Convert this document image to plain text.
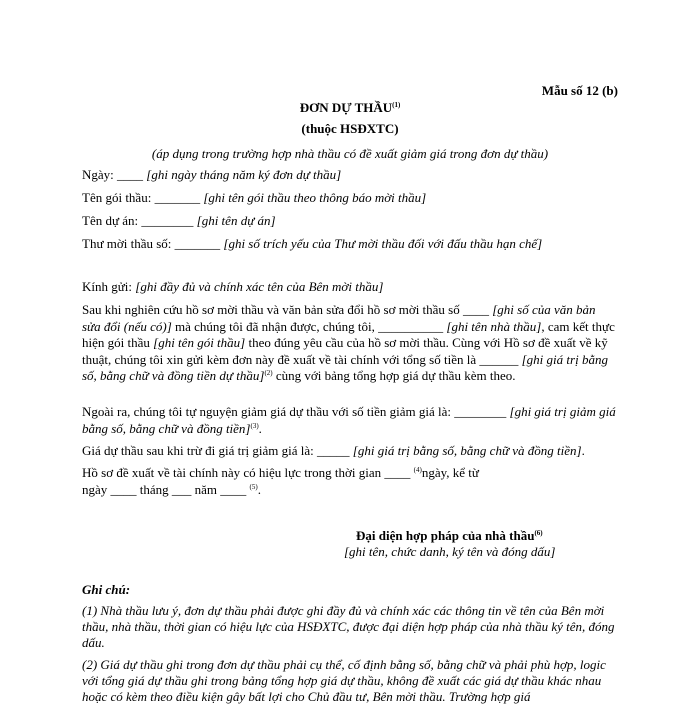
Mẫu số 12 (b)
ĐƠN DỰ THẦU$^{(1)}$
(thuộc HSĐXTC)
(áp dụng trong trường hợp nhà thầu có đề xuất giảm giá trong đơn dự thầu)
Ngày: ____ [ghi ngày tháng năm ký đơn dự thầu]
Tên gói thầu: _______ [ghi tên gói thầu theo thông báo mời thầu]
Tên dự án: ________ [ghi tên dự án]
Thư mời thầu số: _______ [ghi số trích yếu của Thư mời thầu đối với đấu thầu hạn chế]
Kính gửi: [ghi đầy đủ và chính xác tên của Bên mời thầu]
Sau khi nghiên cứu hồ sơ mời thầu và văn bản sửa đổi hồ sơ mời thầu số ____ [ghi số của văn bản sửa đổi (nếu có)] mà chúng tôi đã nhận được, chúng tôi, __________ [ghi tên nhà thầu], cam kết thực hiện gói thầu [ghi tên gói thầu] theo đúng yêu cầu của hồ sơ mời thầu. Cùng với Hồ sơ đề xuất về kỹ thuật, chúng tôi xin gửi kèm đơn này đề xuất về tài chính với tổng số tiền là ______ [ghi giá trị bằng số, bằng chữ và đồng tiền dự thầu]$^{(2)}$ cùng với bảng tổng hợp giá dự thầu kèm theo.
Ngoài ra, chúng tôi tự nguyện giảm giá dự thầu với số tiền giảm giá là: ________ [ghi giá trị giảm giá bằng số, bằng chữ và đồng tiền]$^{(3)}$.
Giá dự thầu sau khi trừ đi giá trị giảm giá là: _____ [ghi giá trị bằng số, bằng chữ và đồng tiền].
Hồ sơ đề xuất về tài chính này có hiệu lực trong thời gian ____ $^{(4)}$ngày, kể từ
ngày ____ tháng ___ năm ____ $^{(5)}$.
Đại diện hợp pháp của nhà thầu$^{(6)}$
[ghi tên, chức danh, ký tên và đóng dấu]
Ghi chú:
(1) Nhà thầu lưu ý, đơn dự thầu phải được ghi đầy đủ và chính xác các thông tin về tên của Bên mời thầu, nhà thầu, thời gian có hiệu lực của HSĐXTC, được đại diện hợp pháp của nhà thầu ký tên, đóng dấu.
(2) Giá dự thầu ghi trong đơn dự thầu phải cụ thể, cố định bằng số, bằng chữ và phải phù hợp, logic với tổng giá dự thầu ghi trong bảng tổng hợp giá dự thầu, không đề xuất các giá dự thầu khác nhau hoặc có kèm theo điều kiện gây bất lợi cho Chủ đầu tư, Bên mời thầu. Trường hợp giá
